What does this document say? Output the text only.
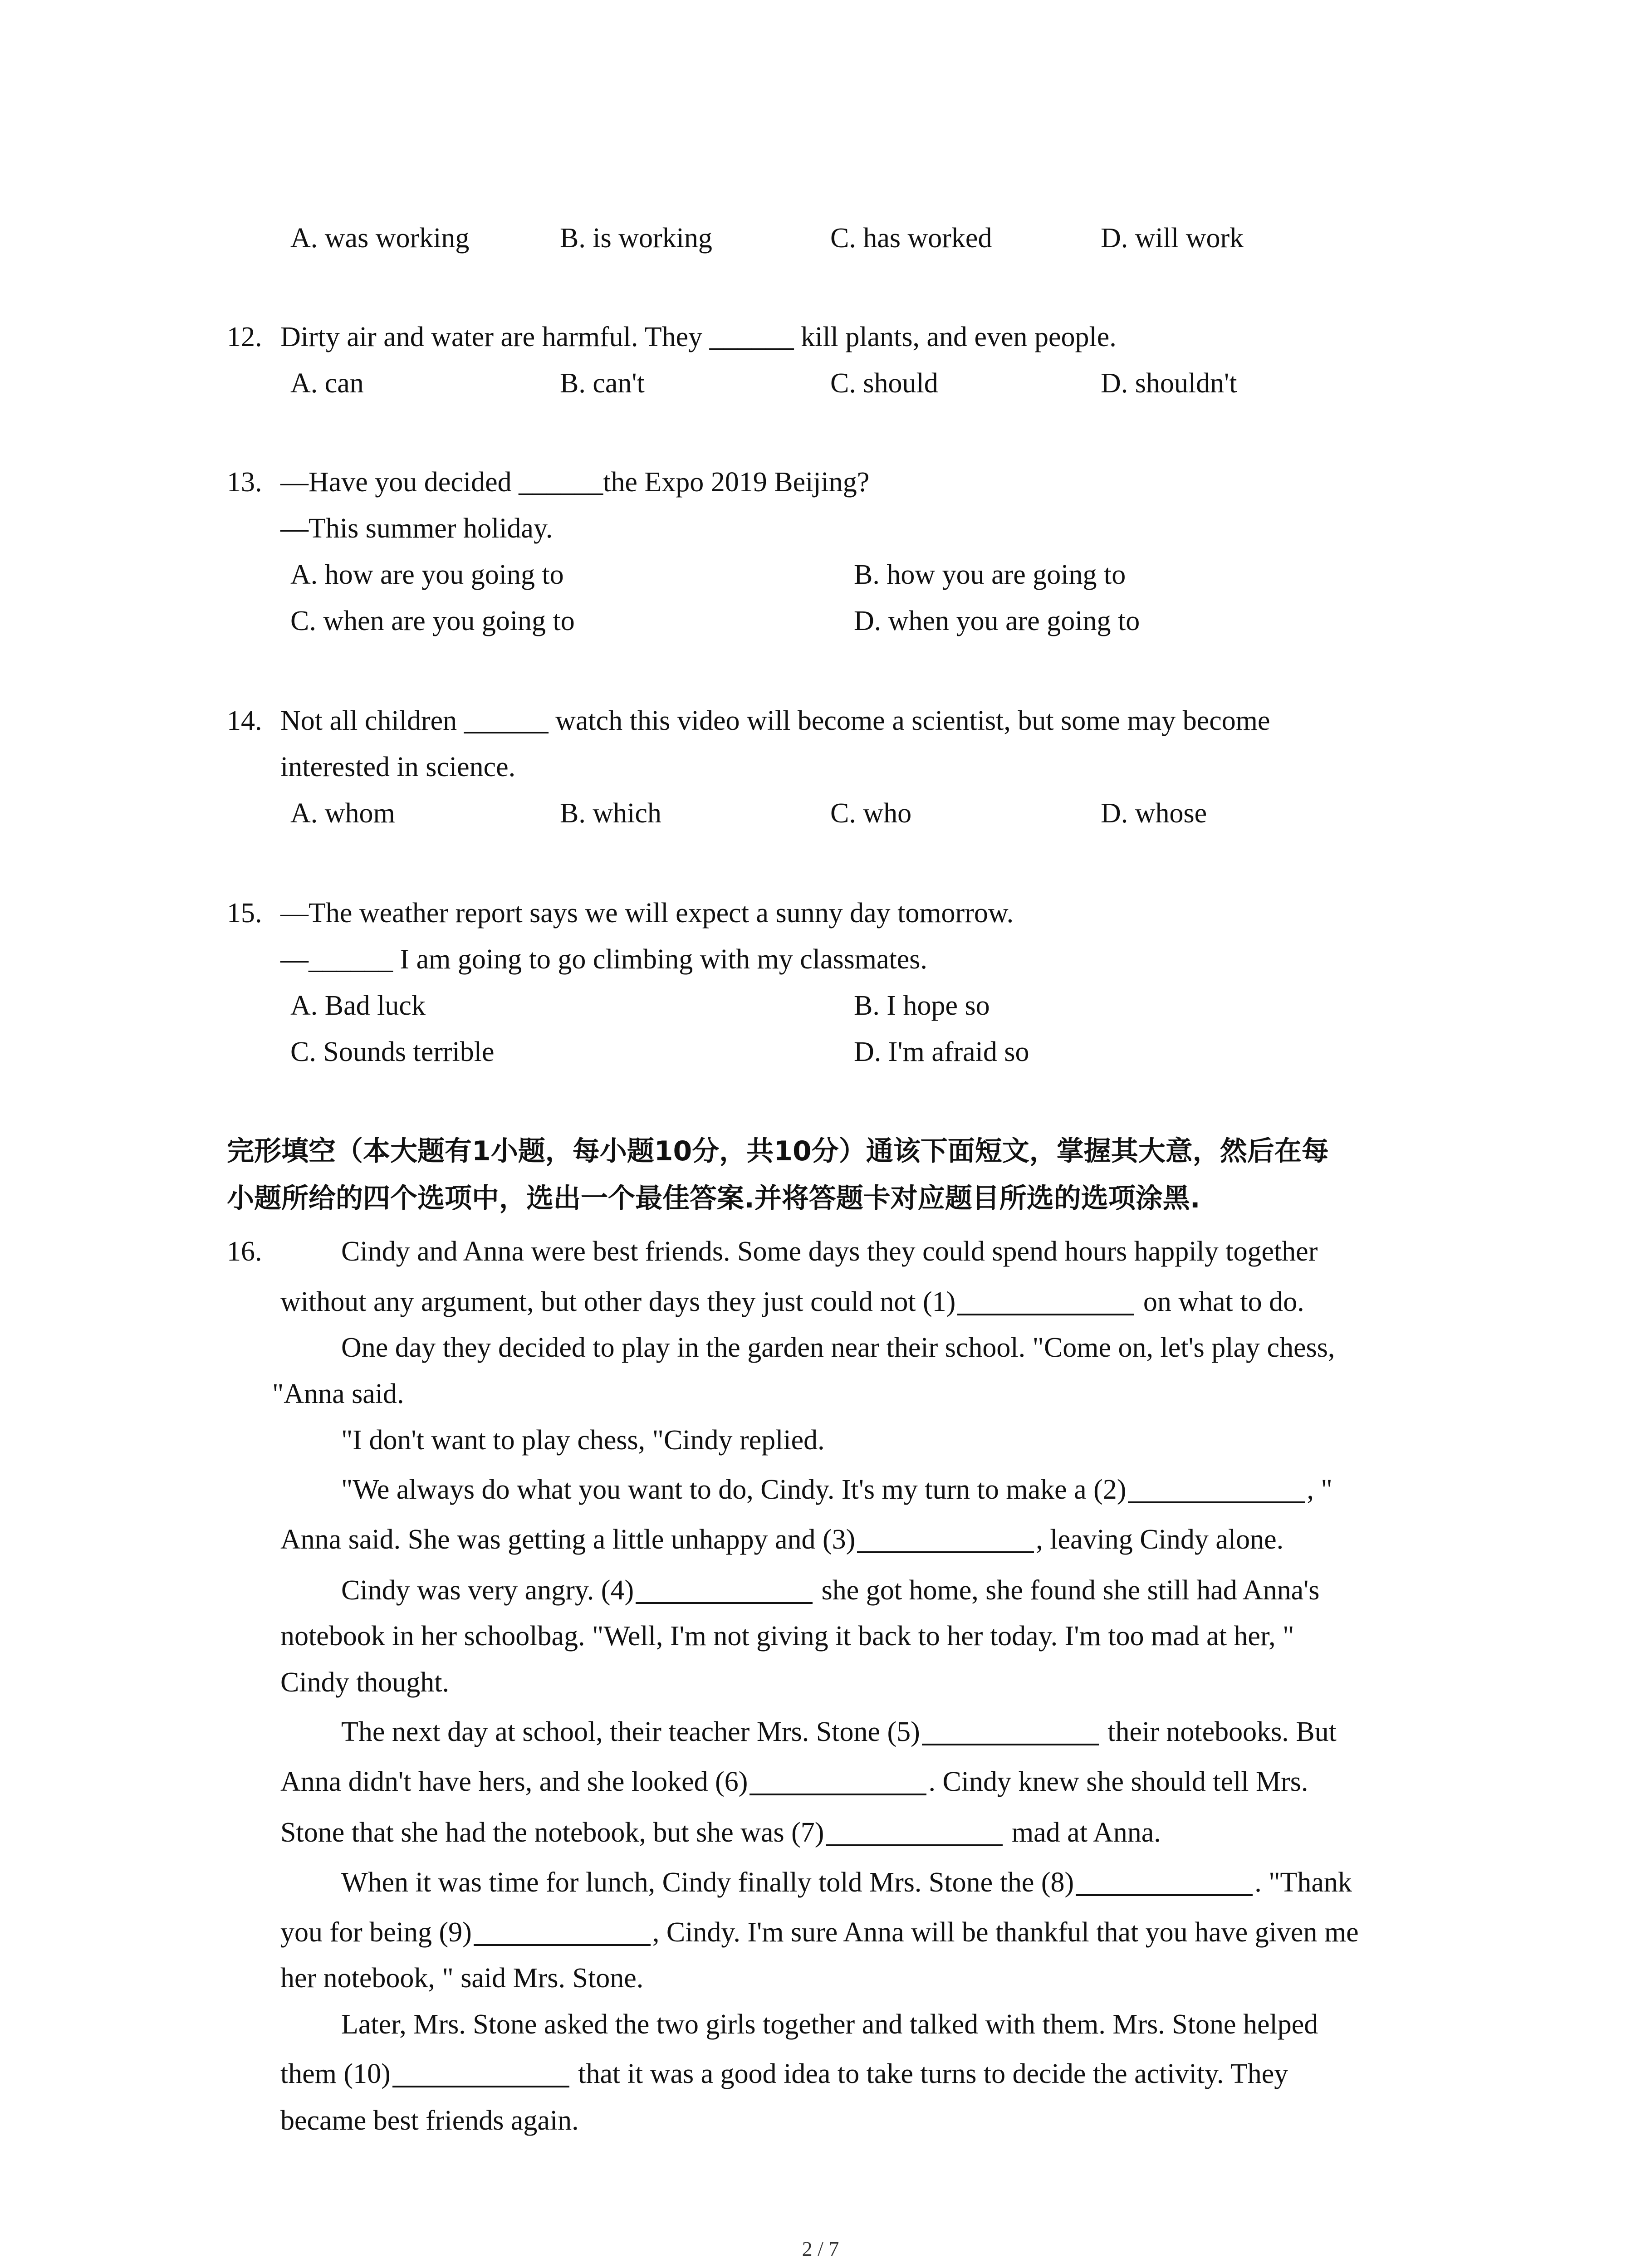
A. was working	B. is working	C. has worked	D. will work
12. Dirty air and water are harmful. They ______ kill plants, and even people.
A. can	B. can't	C. should	D. shouldn't
13. —Have you decided ______the Expo 2019 Beijing?
—This summer holiday.
A. how are you going to	B. how you are going to
C. when are you going to	D. when you are going to
14. Not all children ______ watch this video will become a scientist, but some may become
interested in science.
A. whom	B. which	C. who	D. whose
15. —The weather report says we will expect a sunny day tomorrow.
—______ I am going to go climbing with my classmates.
A. Bad luck	B. I hope so
C. Sounds terrible	D. I'm afraid so
完形填空（本大题有1小题，每小题10分，共10分）通该下面短文，掌握其大意，然后在每
小题所给的四个选项中，选出一个最佳答案.并将答题卡对应题目所选的选项涂黑.
16.	Cindy and Anna were best friends. Some days they could spend hours happily together
without any argument, but other days they just could not (1)	on what to do.
One day they decided to play in the garden near their school. "Come on, let's play chess,
"Anna said.
"I don't want to play chess, "Cindy replied.
"We always do what you want to do, Cindy. It's my turn to make a (2)	, "
Anna said. She was getting a little unhappy and (3)	, leaving Cindy alone.
Cindy was very angry. (4)	she got home, she found she still had Anna's
notebook in her schoolbag. "Well, I'm not giving it back to her today. I'm too mad at her, "
Cindy thought.
The next day at school, their teacher Mrs. Stone (5)	their notebooks. But
Anna didn't have hers, and she looked (6)	. Cindy knew she should tell Mrs.
Stone that she had the notebook, but she was (7)	mad at Anna.
When it was time for lunch, Cindy finally told Mrs. Stone the (8)	. "Thank
you for being (9)	, Cindy. I'm sure Anna will be thankful that you have given me
her notebook, " said Mrs. Stone.
Later, Mrs. Stone asked the two girls together and talked with them. Mrs. Stone helped
them (10)	that it was a good idea to take turns to decide the activity. They
became best friends again.
2 / 7
